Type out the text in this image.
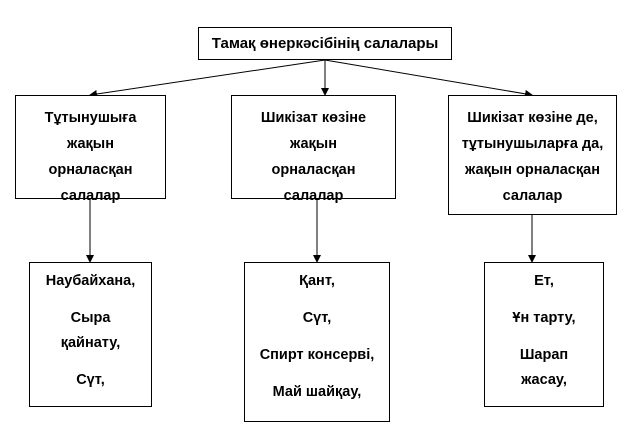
Тамақ өнеркәсібінің салалары
Тұтынушыға
жақын
орналасқан
салалар
Шикізат көзіне
жақын
орналасқан
салалар
Шикізат көзіне де,
тұтынушыларға да,
жақын орналасқан
салалар
Наубайхана,
Сыра
қайнату,
Сүт,
Қант,
Сүт,
Спирт консерві,
Май шайқау,
Ет,
Ұн тарту,
Шарап
жасау,
